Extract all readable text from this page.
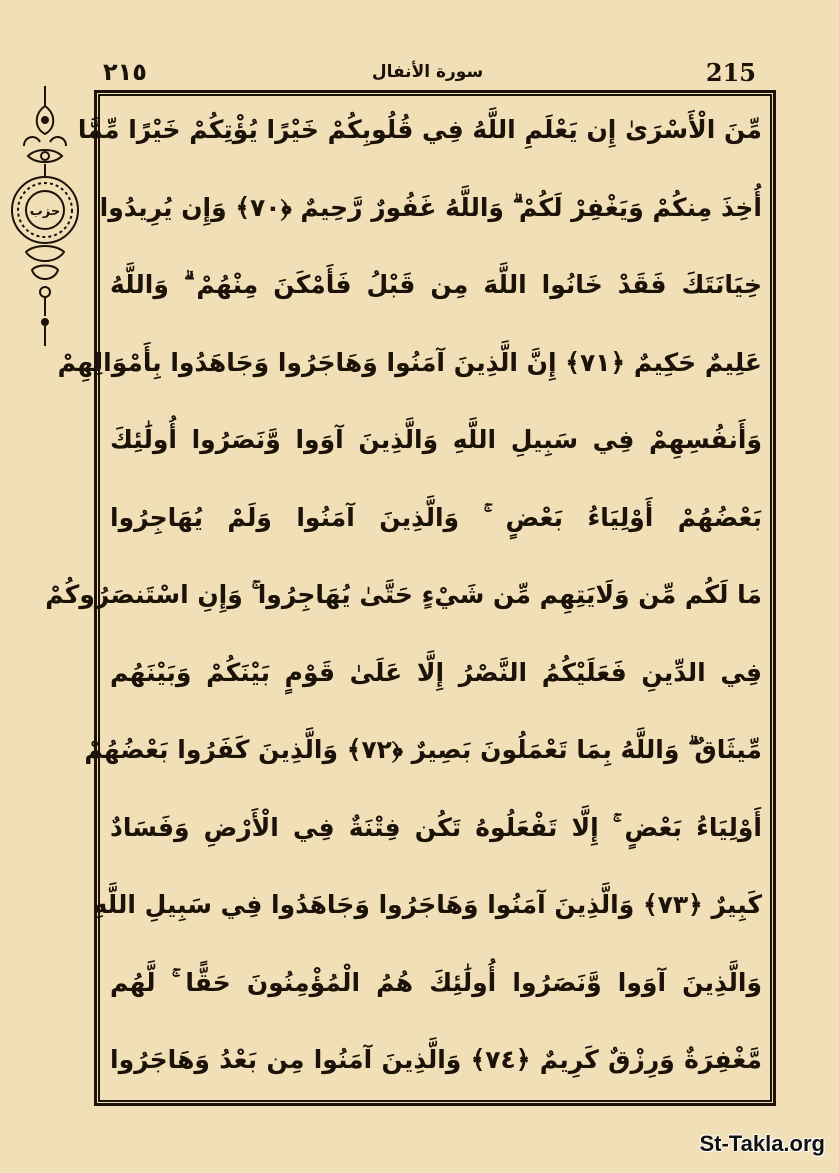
٢١٥	سورة الأنفال	215
حزب
مِّنَ الْأَسْرَىٰ إِن يَعْلَمِ اللَّهُ فِي قُلُوبِكُمْ خَيْرًا يُؤْتِكُمْ خَيْرًا مِّمَّا
أُخِذَ مِنكُمْ وَيَغْفِرْ لَكُمْ ۗ وَاللَّهُ غَفُورٌ رَّحِيمٌ ﴿٧٠﴾ وَإِن يُرِيدُوا
خِيَانَتَكَ فَقَدْ خَانُوا اللَّهَ مِن قَبْلُ فَأَمْكَنَ مِنْهُمْ ۗ وَاللَّهُ
عَلِيمٌ حَكِيمٌ ﴿٧١﴾ إِنَّ الَّذِينَ آمَنُوا وَهَاجَرُوا وَجَاهَدُوا بِأَمْوَالِهِمْ
وَأَنفُسِهِمْ فِي سَبِيلِ اللَّهِ وَالَّذِينَ آوَوا وَّنَصَرُوا أُولَٰئِكَ
بَعْضُهُمْ أَوْلِيَاءُ بَعْضٍ ۚ وَالَّذِينَ آمَنُوا وَلَمْ يُهَاجِرُوا
مَا لَكُم مِّن وَلَايَتِهِم مِّن شَيْءٍ حَتَّىٰ يُهَاجِرُوا ۚ وَإِنِ اسْتَنصَرُوكُمْ
فِي الدِّينِ فَعَلَيْكُمُ النَّصْرُ إِلَّا عَلَىٰ قَوْمٍ بَيْنَكُمْ وَبَيْنَهُم
مِّيثَاقٌ ۗ وَاللَّهُ بِمَا تَعْمَلُونَ بَصِيرٌ ﴿٧٢﴾ وَالَّذِينَ كَفَرُوا بَعْضُهُمْ
أَوْلِيَاءُ بَعْضٍ ۚ إِلَّا تَفْعَلُوهُ تَكُن فِتْنَةٌ فِي الْأَرْضِ وَفَسَادٌ
كَبِيرٌ ﴿٧٣﴾ وَالَّذِينَ آمَنُوا وَهَاجَرُوا وَجَاهَدُوا فِي سَبِيلِ اللَّهِ
وَالَّذِينَ آوَوا وَّنَصَرُوا أُولَٰئِكَ هُمُ الْمُؤْمِنُونَ حَقًّا ۚ لَّهُم
مَّغْفِرَةٌ وَرِزْقٌ كَرِيمٌ ﴿٧٤﴾ وَالَّذِينَ آمَنُوا مِن بَعْدُ وَهَاجَرُوا
St-Takla.org
